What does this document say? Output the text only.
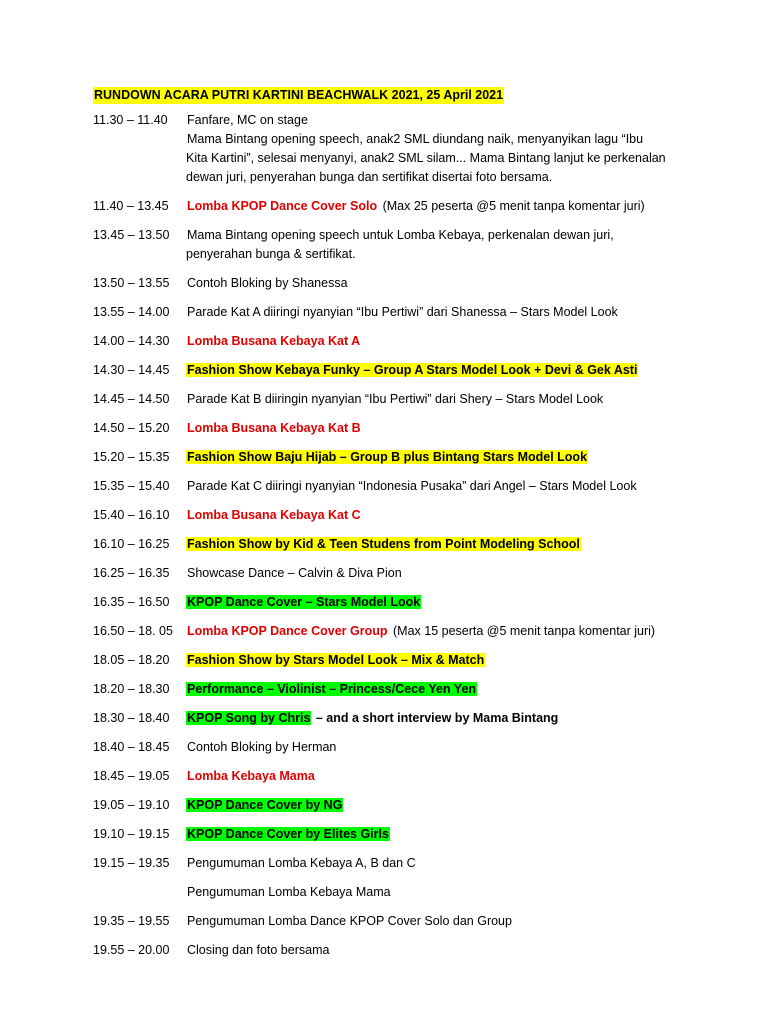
RUNDOWN ACARA PUTRI KARTINI BEACHWALK 2021, 25 April 2021
11.30 – 11.40	Fanfare, MC on stage
Mama Bintang opening speech, anak2 SML diundang naik, menyanyikan lagu “Ibu Kita Kartini”, selesai menyanyi, anak2 SML silam... Mama Bintang lanjut ke perkenalan dewan juri, penyerahan bunga dan sertifikat disertai foto bersama.
11.40 – 13.45	Lomba KPOP Dance Cover Solo (Max 25 peserta @5 menit tanpa komentar juri)
13.45 – 13.50	Mama Bintang opening speech untuk Lomba Kebaya, perkenalan dewan juri, penyerahan bunga & sertifikat.
13.50 – 13.55	Contoh Bloking by Shanessa
13.55 – 14.00	Parade Kat A diiringi nyanyian “Ibu Pertiwi” dari Shanessa – Stars Model Look
14.00 – 14.30	Lomba Busana Kebaya Kat A
14.30 – 14.45	Fashion Show Kebaya Funky – Group A Stars Model Look + Devi & Gek Asti
14.45 – 14.50	Parade Kat B diiringin nyanyian “Ibu Pertiwi” dari Shery – Stars Model Look
14.50 – 15.20	Lomba Busana Kebaya Kat B
15.20 – 15.35	Fashion Show Baju Hijab – Group B plus Bintang Stars Model Look
15.35 – 15.40	Parade Kat C diiringi nyanyian “Indonesia Pusaka” dari Angel – Stars Model Look
15.40 – 16.10	Lomba Busana Kebaya Kat C
16.10 – 16.25	Fashion Show by Kid & Teen Studens from Point Modeling School
16.25 – 16.35	Showcase Dance – Calvin & Diva Pion
16.35 – 16.50	KPOP Dance Cover – Stars Model Look
16.50 – 18. 05	Lomba KPOP Dance Cover Group (Max 15 peserta @5 menit tanpa komentar juri)
18.05 – 18.20	Fashion Show by Stars Model Look – Mix & Match
18.20 – 18.30	Performance – Violinist – Princess/Cece Yen Yen
18.30 – 18.40	KPOP Song by Chris – and a short interview by Mama Bintang
18.40 – 18.45	Contoh Bloking by Herman
18.45 – 19.05	Lomba Kebaya Mama
19.05 – 19.10	KPOP Dance Cover by NG
19.10 – 19.15	KPOP Dance Cover by Elites Girls
19.15 – 19.35	Pengumuman Lomba Kebaya A, B dan C
Pengumuman Lomba Kebaya Mama
19.35 – 19.55	Pengumuman Lomba Dance KPOP Cover Solo dan Group
19.55 – 20.00	Closing dan foto bersama
